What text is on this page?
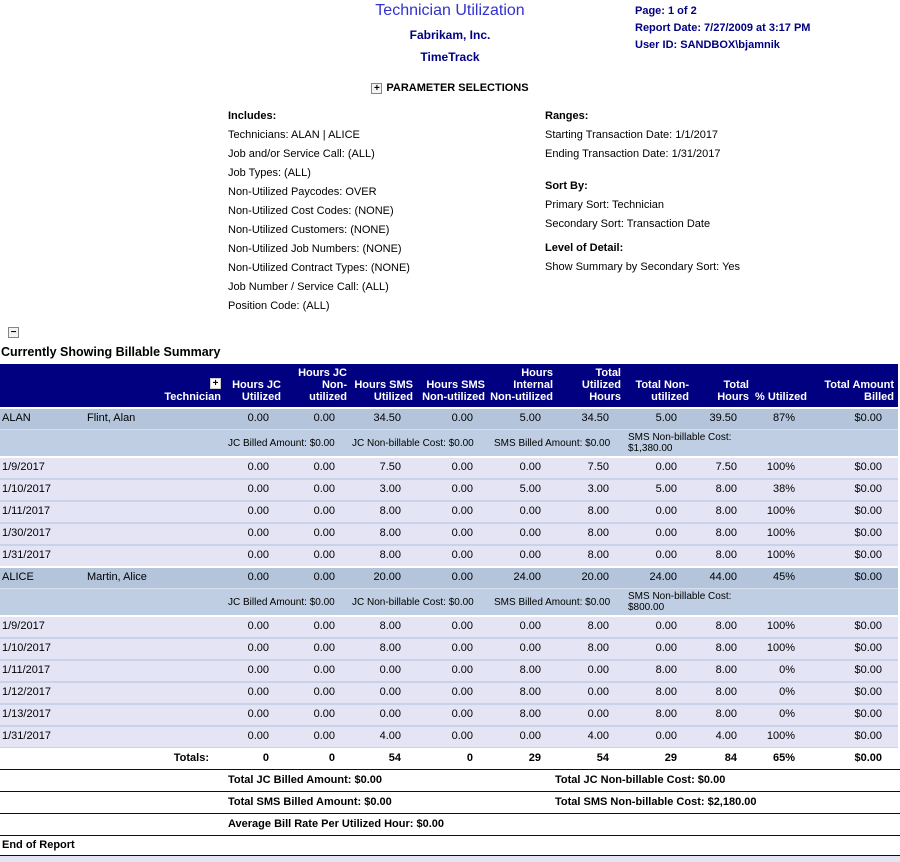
Technician Utilization
Fabrikam, Inc.
TimeTrack
Page: 1 of 2
Report Date: 7/27/2009 at 3:17 PM
User ID: SANDBOX\bjamnik
+ PARAMETER SELECTIONS
Includes:
Technicians: ALAN | ALICE
Job and/or Service Call: (ALL)
Job Types: (ALL)
Non-Utilized Paycodes: OVER
Non-Utilized Cost Codes: (NONE)
Non-Utilized Customers: (NONE)
Non-Utilized Job Numbers: (NONE)
Non-Utilized Contract Types: (NONE)
Job Number / Service Call: (ALL)
Position Code: (ALL)
Ranges:
Starting Transaction Date: 1/1/2017
Ending Transaction Date: 1/31/2017
Sort By:
Primary Sort: Technician
Secondary Sort: Transaction Date
Level of Detail:
Show Summary by Secondary Sort: Yes
−
Currently Showing Billable Summary
+
Technician		Hours JC Utilized	Hours JC Non-utilized	Hours SMS Utilized	Hours SMS Non-utilized	Hours Internal Non-utilized	Total Utilized Hours	Total Non-utilized	Total Hours	% Utilized	Total Amount Billed
ALAN	Flint, Alan	0.00	0.00	34.50	0.00	5.00	34.50	5.00	39.50	87%	$0.00

JC Billed Amount: $0.00 JC Non-billable Cost: $0.00 SMS Billed Amount: $0.00 SMS Non-billable Cost: $1,380.00											

1/9/2017		0.00	0.00	7.50	0.00	0.00	7.50	0.00	7.50	100%	$0.00
1/10/2017		0.00	0.00	3.00	0.00	5.00	3.00	5.00	8.00	38%	$0.00
1/11/2017		0.00	0.00	8.00	0.00	0.00	8.00	0.00	8.00	100%	$0.00
1/30/2017		0.00	0.00	8.00	0.00	0.00	8.00	0.00	8.00	100%	$0.00
1/31/2017		0.00	0.00	8.00	0.00	0.00	8.00	0.00	8.00	100%	$0.00
ALICE	Martin, Alice	0.00	0.00	20.00	0.00	24.00	20.00	24.00	44.00	45%	$0.00

JC Billed Amount: $0.00 JC Non-billable Cost: $0.00 SMS Billed Amount: $0.00 SMS Non-billable Cost: $800.00											

1/9/2017		0.00	0.00	8.00	0.00	0.00	8.00	0.00	8.00	100%	$0.00
1/10/2017		0.00	0.00	8.00	0.00	0.00	8.00	0.00	8.00	100%	$0.00
1/11/2017		0.00	0.00	0.00	0.00	8.00	0.00	8.00	8.00	0%	$0.00
1/12/2017		0.00	0.00	0.00	0.00	8.00	0.00	8.00	8.00	0%	$0.00
1/13/2017		0.00	0.00	0.00	0.00	8.00	0.00	8.00	8.00	0%	$0.00
1/31/2017		0.00	0.00	4.00	0.00	0.00	4.00	0.00	4.00	100%	$0.00
	Totals:	0	0	54	0	29	54	29	84	65%	$0.00
Total JC Billed Amount: $0.00	Total JC Non-billable Cost: $0.00
Total SMS Billed Amount: $0.00	Total SMS Non-billable Cost: $2,180.00
Average Bill Rate Per Utilized Hour: $0.00
End of Report
